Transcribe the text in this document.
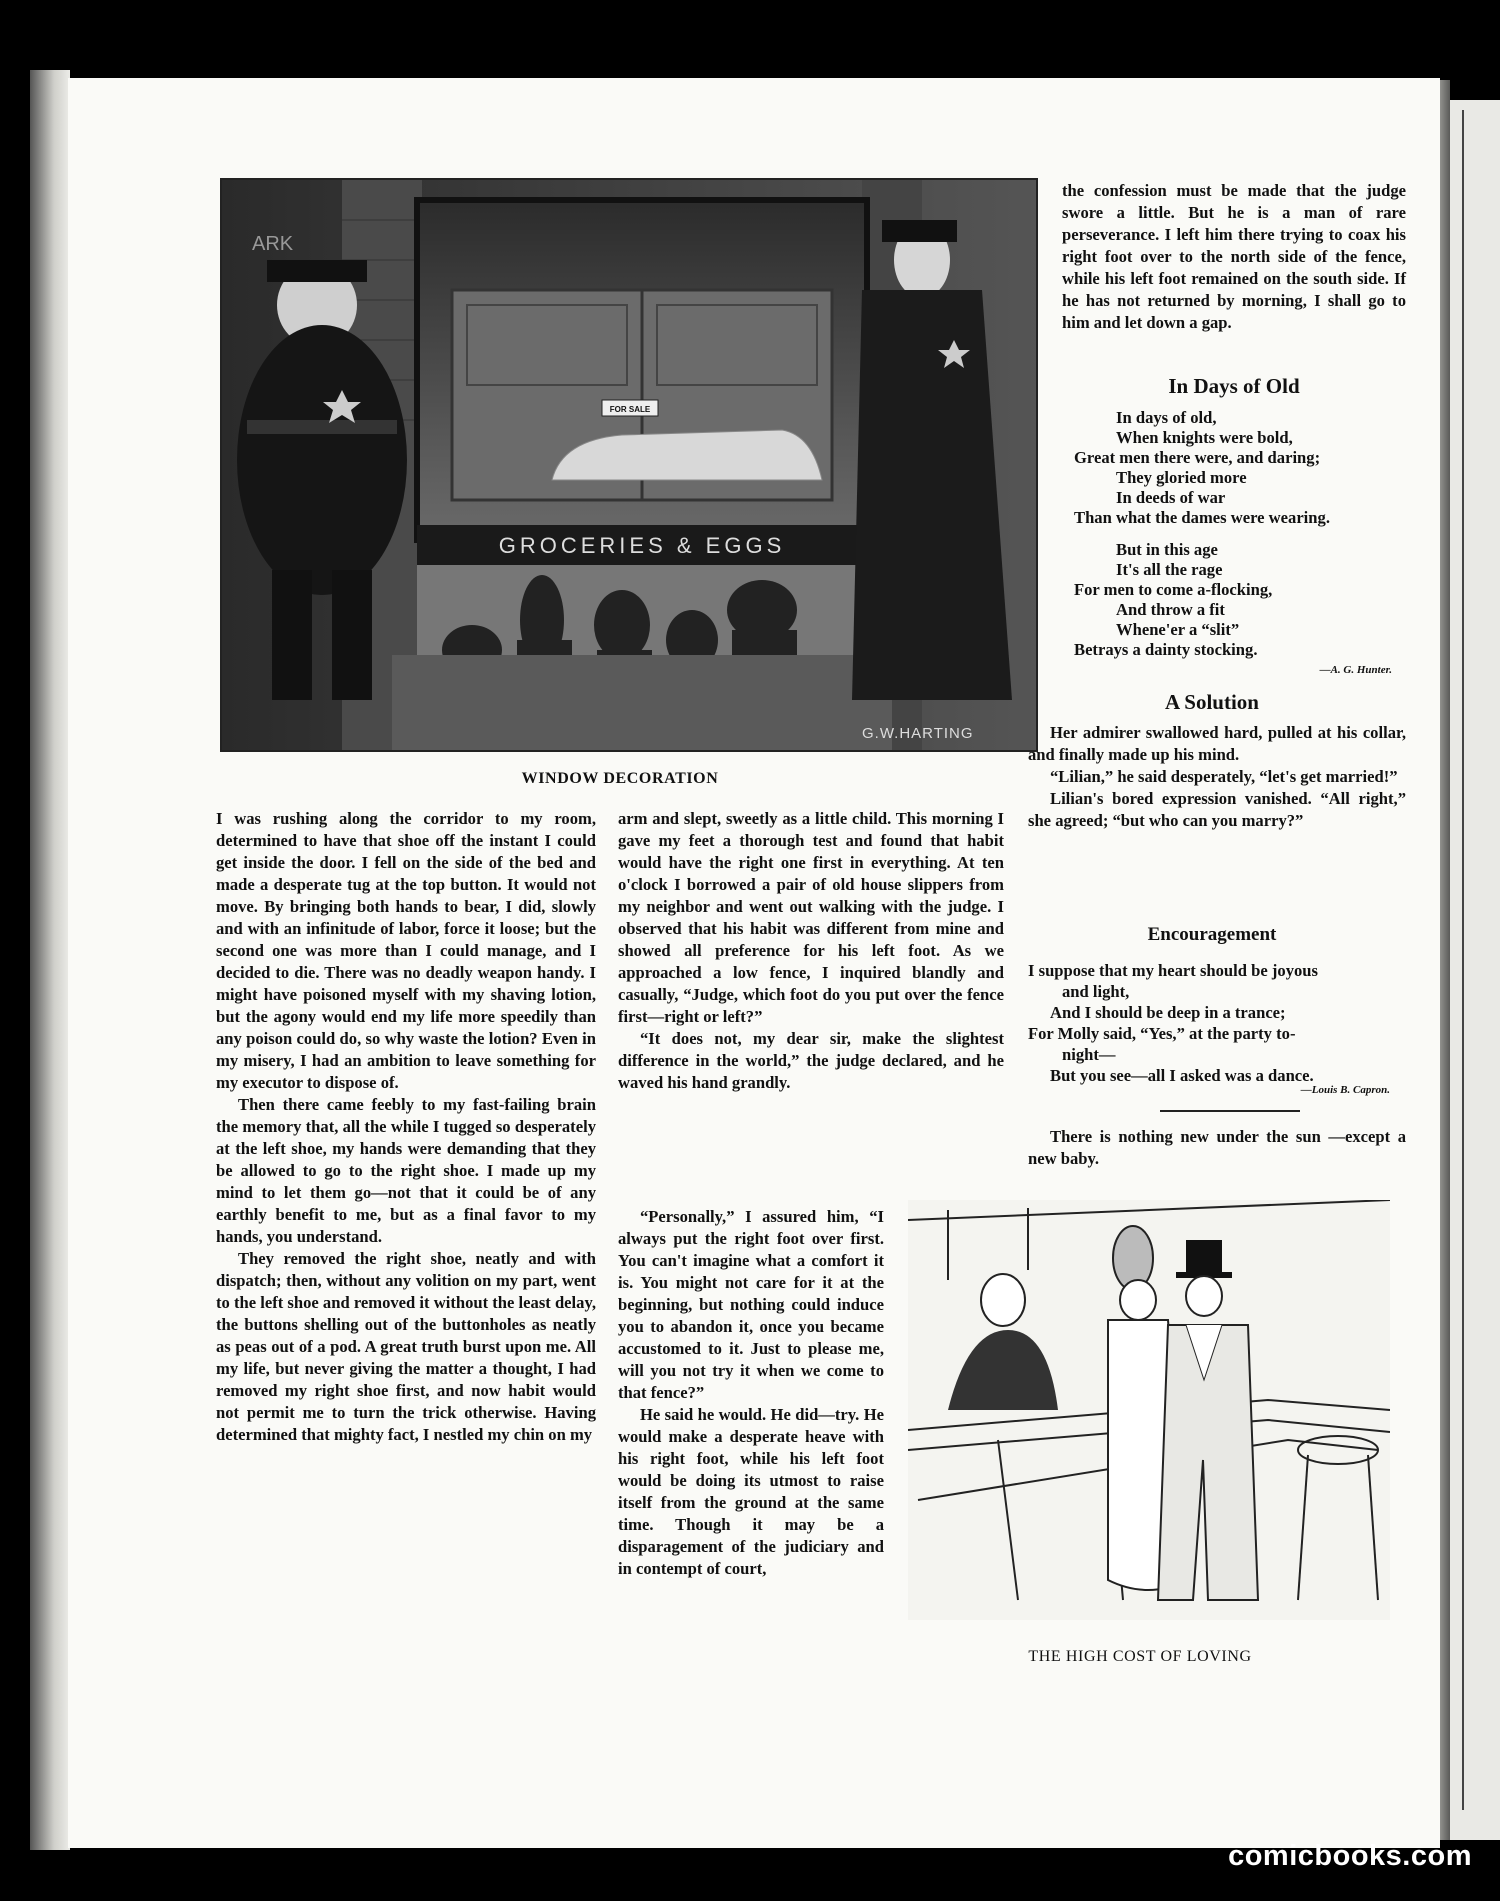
FOR SALE
GROCERIES & EGGS
ARK
G.W.HARTING
WINDOW DECORATION

I was rushing along the corridor to my room, determined to have that shoe off the instant I could get inside the door. I fell on the side of the bed and made a desperate tug at the top button. It would not move. By bringing both hands to bear, I did, slowly and with an infinitude of labor, force it loose; but the second one was more than I could manage, and I decided to die. There was no deadly weapon handy. I might have poisoned myself with my shaving lotion, but the agony would end my life more speedily than any poison could do, so why waste the lotion? Even in my misery, I had an ambition to leave something for my executor to dispose of.

Then there came feebly to my fast-failing brain the memory that, all the while I tugged so desperately at the left shoe, my hands were demanding that they be allowed to go to the right shoe. I made up my mind to let them go—not that it could be of any earthly benefit to me, but as a final favor to my hands, you understand.

They removed the right shoe, neatly and with dispatch; then, without any volition on my part, went to the left shoe and removed it without the least delay, the buttons shelling out of the buttonholes as neatly as peas out of a pod. A great truth burst upon me. All my life, but never giving the matter a thought, I had removed my right shoe first, and now habit would not permit me to turn the trick otherwise. Having determined that mighty fact, I nestled my chin on my

arm and slept, sweetly as a little child. This morning I gave my feet a thorough test and found that habit would have the right one first in everything. At ten o'clock I borrowed a pair of old house slippers from my neighbor and went out walking with the judge. I observed that his habit was different from mine and showed all preference for his left foot. As we approached a low fence, I inquired blandly and casually, “Judge, which foot do you put over the fence first—right or left?”

“It does not, my dear sir, make the slightest difference in the world,” the judge declared, and he waved his hand grandly.

“Personally,” I assured him, “I always put the right foot over first. You can't imagine what a comfort it is. You might not care for it at the beginning, but nothing could induce you to abandon it, once you became accustomed to it. Just to please me, will you not try it when we come to that fence?”

He said he would. He did—try. He would make a desperate heave with his right foot, while his left foot would be doing its utmost to raise itself from the ground at the same time. Though it may be a disparagement of the judiciary and in contempt of court,

the confession must be made that the judge swore a little. But he is a man of rare perseverance. I left him there trying to coax his right foot over to the north side of the fence, while his left foot remained on the south side. If he has not returned by morning, I shall go to him and let down a gap.

In Days of Old
In days of old,
When knights were bold,
Great men there were, and daring;
They gloried more
In deeds of war
Than what the dames were wearing.
But in this age
It's all the rage
For men to come a-flocking,
And throw a fit
Whene'er a “slit”
Betrays a dainty stocking.
—A. G. Hunter.
A Solution

Her admirer swallowed hard, pulled at his collar, and finally made up his mind.

“Lilian,” he said desperately, “let's get married!”

Lilian's bored expression vanished. “All right,” she agreed; “but who can you marry?”

Encouragement
I suppose that my heart should be joyous
and light,
And I should be deep in a trance;
For Molly said, “Yes,” at the party to-
night—
But you see—all I asked was a dance.
—Louis B. Capron.

There is nothing new under the sun —except a new baby.

THE HIGH COST OF LOVING
comicbooks.com
